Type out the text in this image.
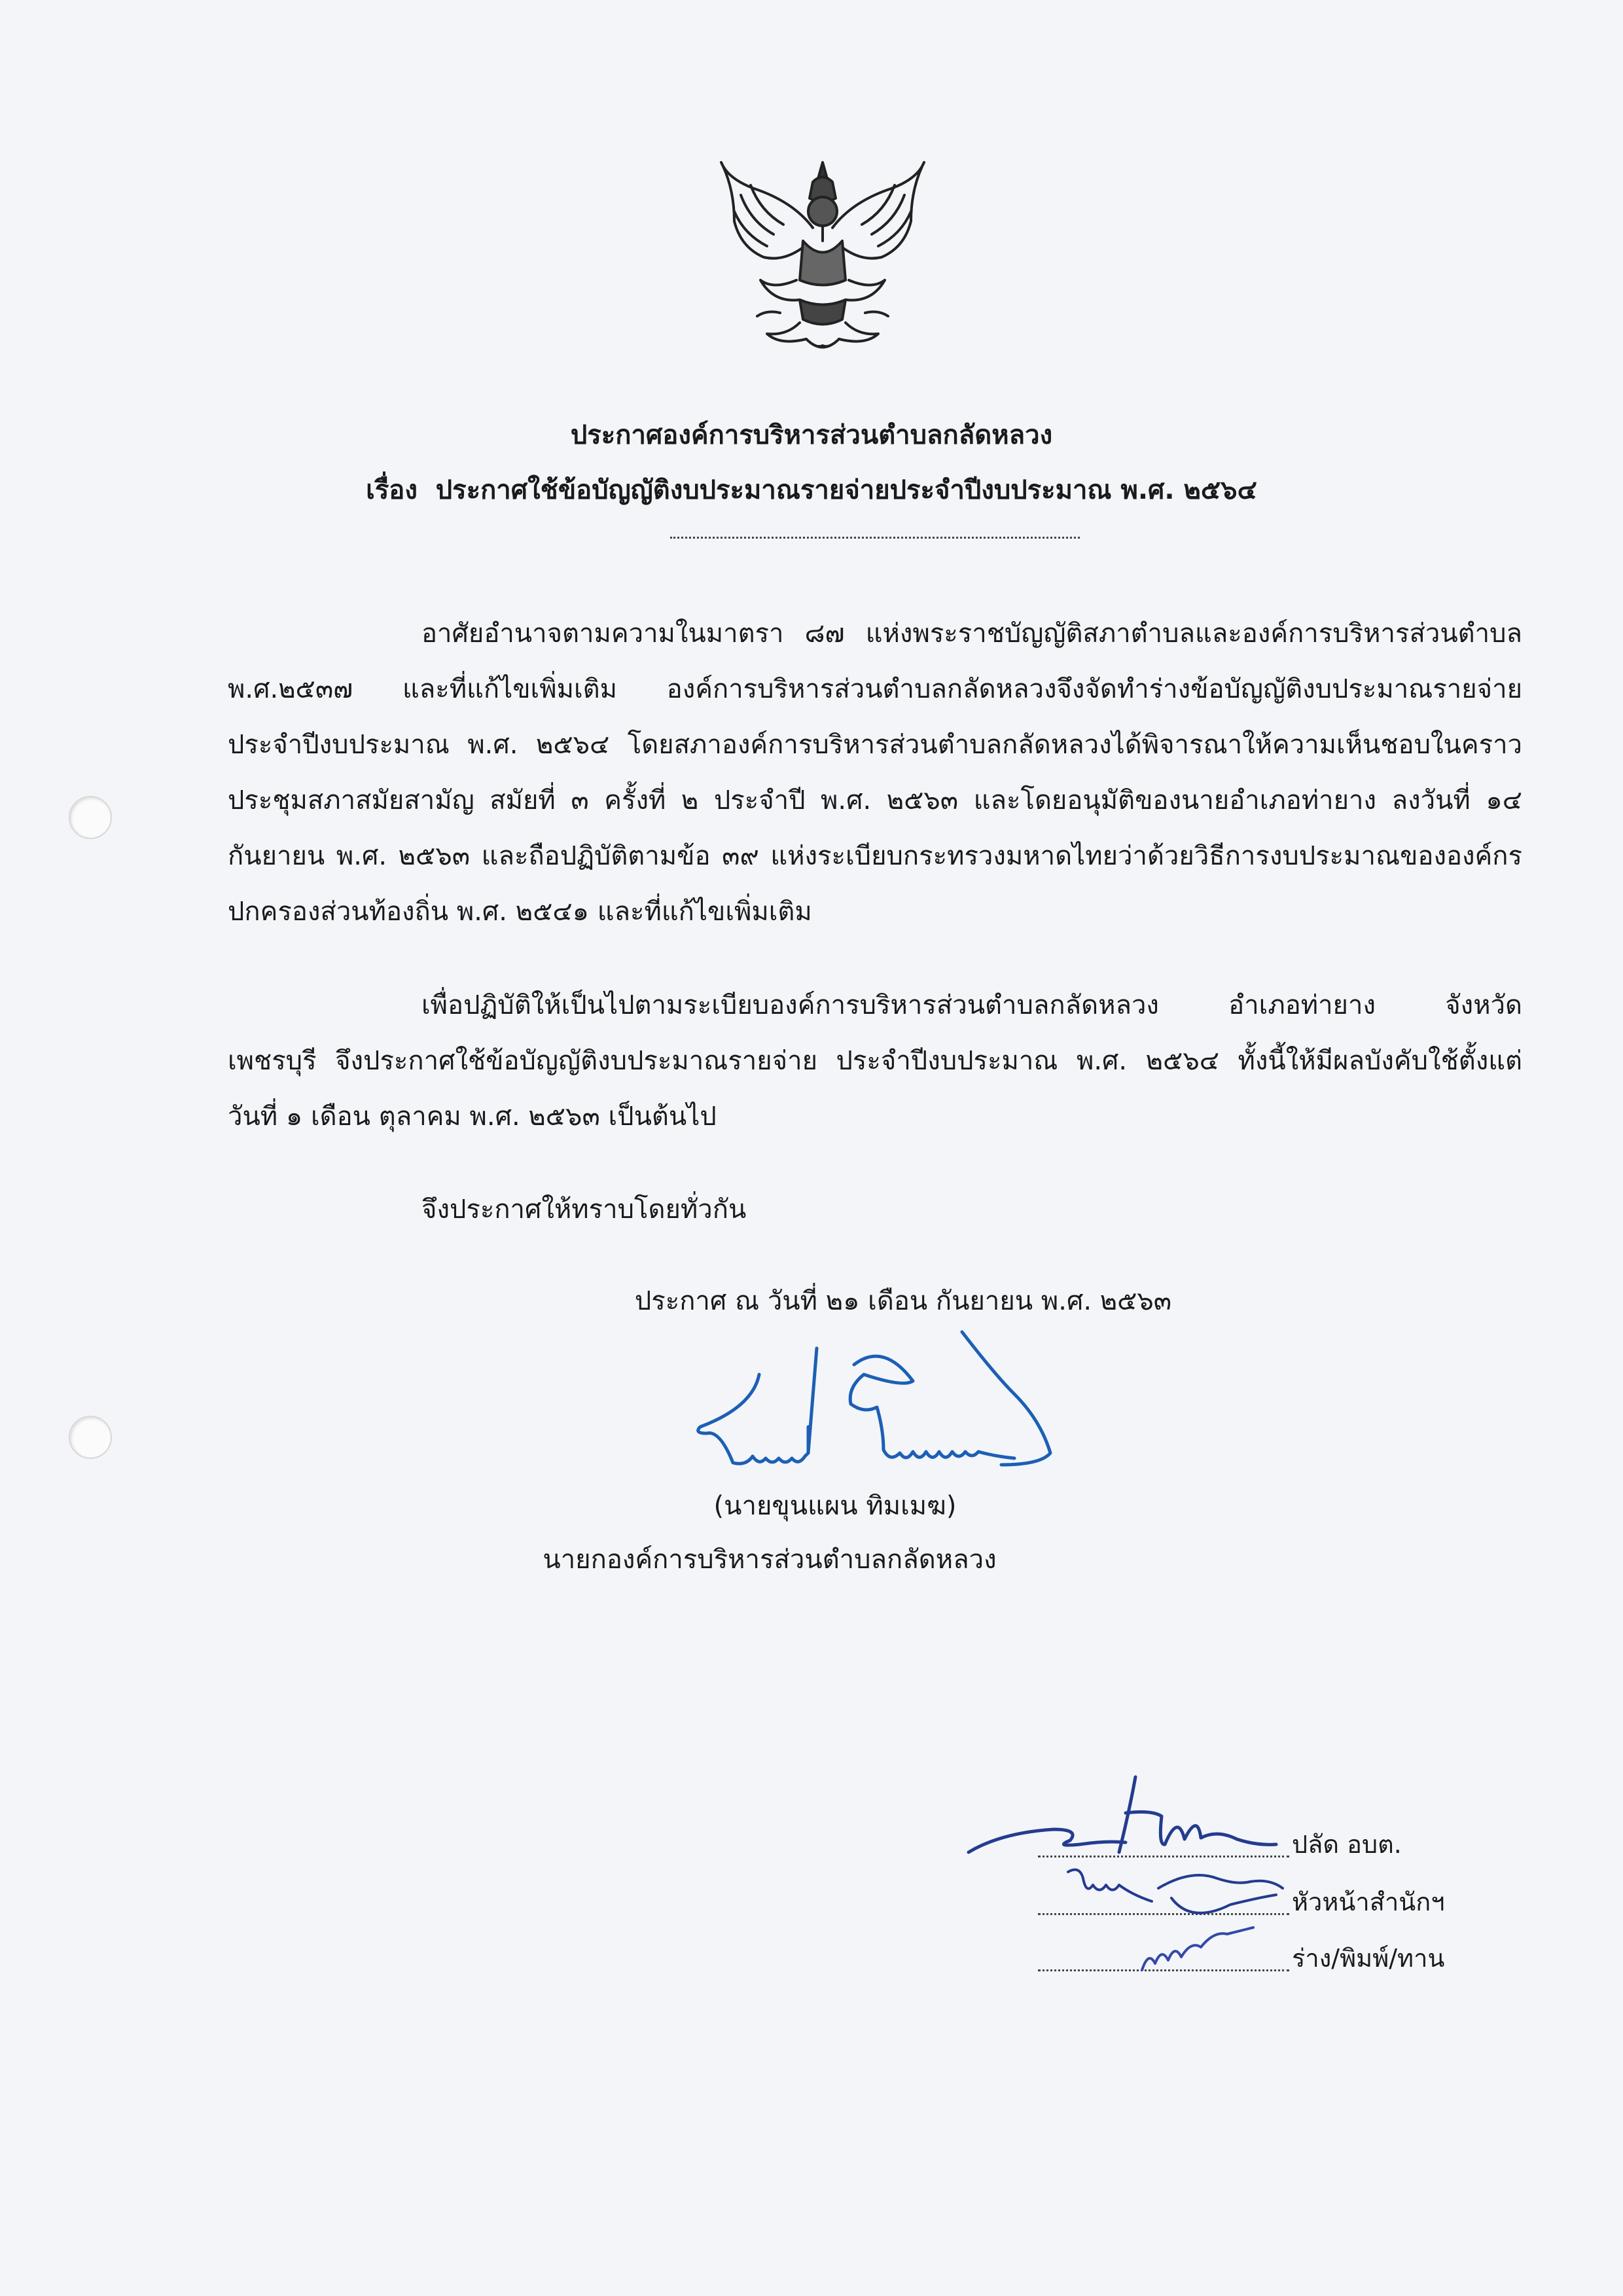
ประกาศองค์การบริหารส่วนตำบลกลัดหลวง
เรื่อง ประกาศใช้ข้อบัญญัติงบประมาณรายจ่ายประจำปีงบประมาณ พ.ศ. ๒๕๖๔
อาศัยอำนาจตามความในมาตรา ๘๗ แห่งพระราชบัญญัติสภาตำบลและองค์การบริหารส่วนตำบล
พ.ศ.๒๕๓๗ และที่แก้ไขเพิ่มเติม องค์การบริหารส่วนตำบลกลัดหลวงจึงจัดทำร่างข้อบัญญัติงบประมาณรายจ่าย
ประจำปีงบประมาณ พ.ศ. ๒๕๖๔ โดยสภาองค์การบริหารส่วนตำบลกลัดหลวงได้พิจารณาให้ความเห็นชอบในคราว
ประชุมสภาสมัยสามัญ สมัยที่ ๓ ครั้งที่ ๒ ประจำปี พ.ศ. ๒๕๖๓ และโดยอนุมัติของนายอำเภอท่ายาง ลงวันที่ ๑๔
กันยายน พ.ศ. ๒๕๖๓ และถือปฏิบัติตามข้อ ๓๙ แห่งระเบียบกระทรวงมหาดไทยว่าด้วยวิธีการงบประมาณขององค์กร
ปกครองส่วนท้องถิ่น พ.ศ. ๒๕๔๑ และที่แก้ไขเพิ่มเติม
เพื่อปฏิบัติให้เป็นไปตามระเบียบองค์การบริหารส่วนตำบลกลัดหลวง อำเภอท่ายาง จังหวัด
เพชรบุรี จึงประกาศใช้ข้อบัญญัติงบประมาณรายจ่าย ประจำปีงบประมาณ พ.ศ. ๒๕๖๔ ทั้งนี้ให้มีผลบังคับใช้ตั้งแต่
วันที่ ๑ เดือน ตุลาคม พ.ศ. ๒๕๖๓ เป็นต้นไป
จึงประกาศให้ทราบโดยทั่วกัน
ประกาศ ณ วันที่ ๒๑ เดือน กันยายน พ.ศ. ๒๕๖๓
(นายขุนแผน ทิมเมฆ)
นายกองค์การบริหารส่วนตำบลกลัดหลวง
ปลัด อบต.
หัวหน้าสำนักฯ
ร่าง/พิมพ์/ทาน
